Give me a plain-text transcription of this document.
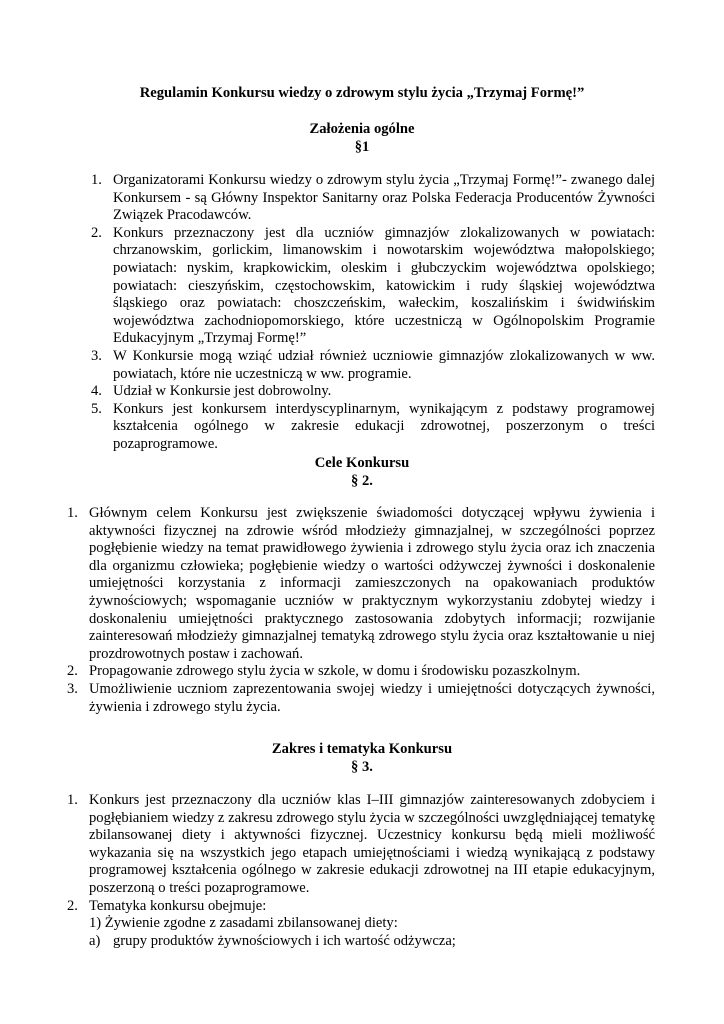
Regulamin Konkursu wiedzy o zdrowym stylu życia „Trzymaj Formę!”
Założenia ogólne
§1
1. Organizatorami Konkursu wiedzy o zdrowym stylu życia „Trzymaj Formę!”- zwanego dalej Konkursem - są Główny Inspektor Sanitarny oraz Polska Federacja Producentów Żywności Związek Pracodawców.
2. Konkurs przeznaczony jest dla uczniów gimnazjów zlokalizowanych w powiatach: chrzanowskim, gorlickim, limanowskim i nowotarskim województwa małopolskiego; powiatach: nyskim, krapkowickim, oleskim i głubczyckim województwa opolskiego; powiatach: cieszyńskim, częstochowskim, katowickim i rudy śląskiej województwa śląskiego oraz powiatach: choszczeńskim, wałeckim, koszalińskim i świdwińskim województwa zachodniopomorskiego, które uczestniczą w Ogólnopolskim Programie Edukacyjnym „Trzymaj Formę!”
3. W Konkursie mogą wziąć udział również uczniowie gimnazjów zlokalizowanych w ww. powiatach, które nie uczestniczą w ww. programie.
4. Udział w Konkursie jest dobrowolny.
5. Konkurs jest konkursem interdyscyplinarnym, wynikającym z podstawy programowej kształcenia ogólnego w zakresie edukacji zdrowotnej, poszerzonym o treści pozaprogramowe.
Cele Konkursu
§ 2.
1. Głównym celem Konkursu jest zwiększenie świadomości dotyczącej wpływu żywienia i aktywności fizycznej na zdrowie wśród młodzieży gimnazjalnej, w szczególności poprzez pogłębienie wiedzy na temat prawidłowego żywienia i zdrowego stylu życia oraz ich znaczenia dla organizmu człowieka; pogłębienie wiedzy o wartości odżywczej żywności i doskonalenie umiejętności korzystania z informacji zamieszczonych na opakowaniach produktów żywnościowych; wspomaganie uczniów w praktycznym wykorzystaniu zdobytej wiedzy i doskonaleniu umiejętności praktycznego zastosowania zdobytych informacji; rozwijanie zainteresowań młodzieży gimnazjalnej tematyką zdrowego stylu życia oraz kształtowanie u niej prozdrowotnych postaw i zachowań.
2. Propagowanie zdrowego stylu życia w szkole, w domu i środowisku pozaszkolnym.
3. Umożliwienie uczniom zaprezentowania swojej wiedzy i umiejętności dotyczących żywności, żywienia i zdrowego stylu życia.
Zakres i tematyka Konkursu
§ 3.
1. Konkurs jest przeznaczony dla uczniów klas I–III gimnazjów zainteresowanych zdobyciem i pogłębianiem wiedzy z zakresu zdrowego stylu życia w szczególności uwzględniającej tematykę zbilansowanej diety i aktywności fizycznej. Uczestnicy konkursu będą mieli możliwość wykazania się na wszystkich jego etapach umiejętnościami i wiedzą wynikającą z podstawy programowej kształcenia ogólnego w zakresie edukacji zdrowotnej na III etapie edukacyjnym, poszerzoną o treści pozaprogramowe.
2. Tematyka konkursu obejmuje:
1) Żywienie zgodne z zasadami zbilansowanej diety:
a) grupy produktów żywnościowych i ich wartość odżywcza;
